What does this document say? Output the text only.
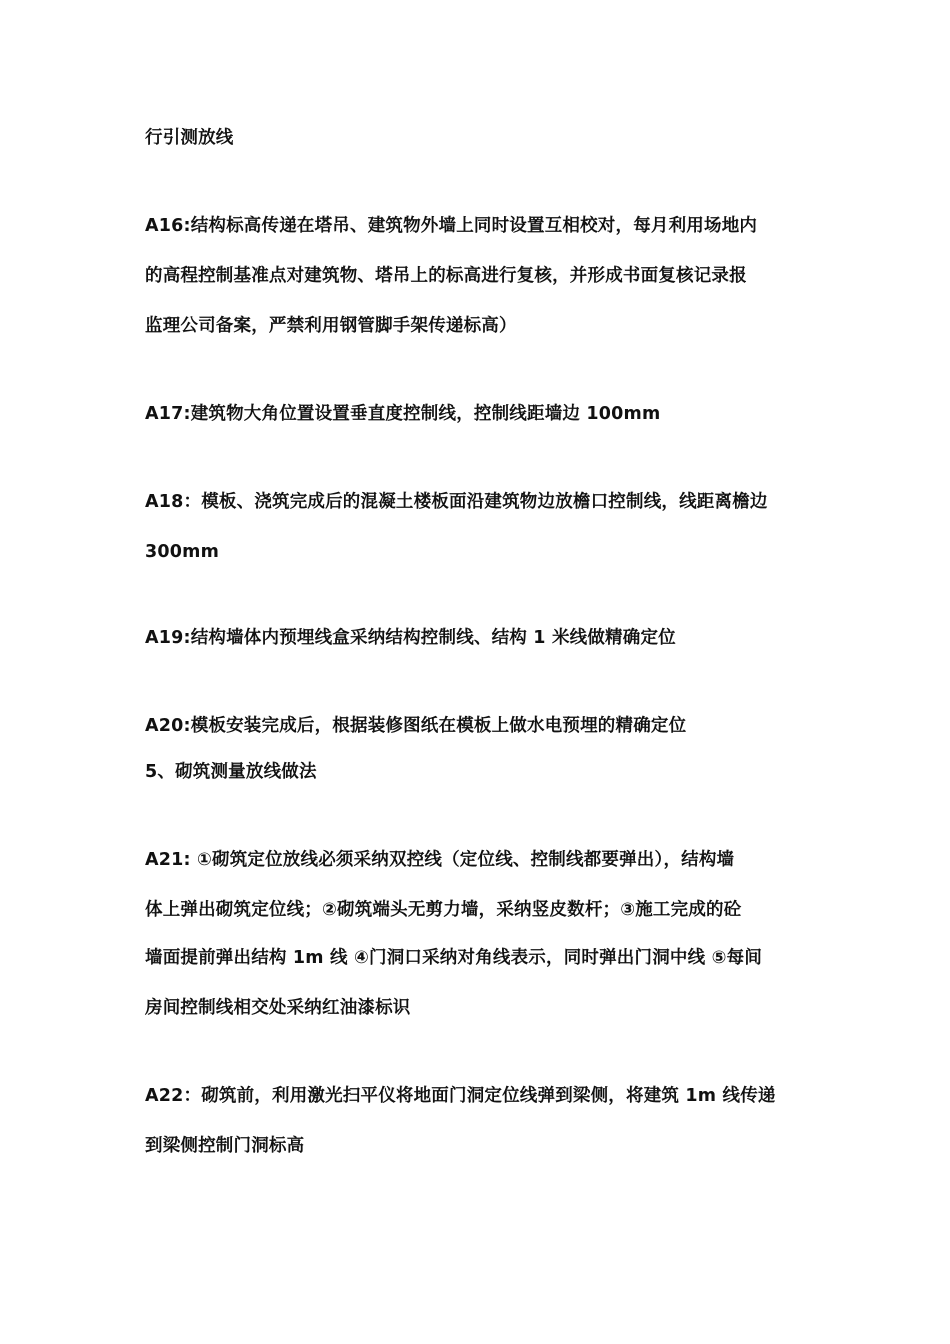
行引测放线
A16:结构标高传递在塔吊、建筑物外墙上同时设置互相校对，每月利用场地内
的高程控制基准点对建筑物、塔吊上的标高进行复核，并形成书面复核记录报
监理公司备案，严禁利用钢管脚手架传递标高）
A17:建筑物大角位置设置垂直度控制线，控制线距墙边 100mm
A18：模板、浇筑完成后的混凝土楼板面沿建筑物边放檐口控制线，线距离檐边
300mm
A19:结构墙体内预埋线盒采纳结构控制线、结构 1 米线做精确定位
A20:模板安装完成后，根据装修图纸在模板上做水电预埋的精确定位
5、砌筑测量放线做法
A21: ①砌筑定位放线必须采纳双控线（定位线、控制线都要弹出），结构墙
体上弹出砌筑定位线；②砌筑端头无剪力墙，采纳竖皮数杆；③施工完成的砼
墙面提前弹出结构 1m 线 ④门洞口采纳对角线表示，同时弹出门洞中线 ⑤每间
房间控制线相交处采纳红油漆标识
A22：砌筑前，利用激光扫平仪将地面门洞定位线弹到梁侧，将建筑 1m 线传递
到梁侧控制门洞标高
